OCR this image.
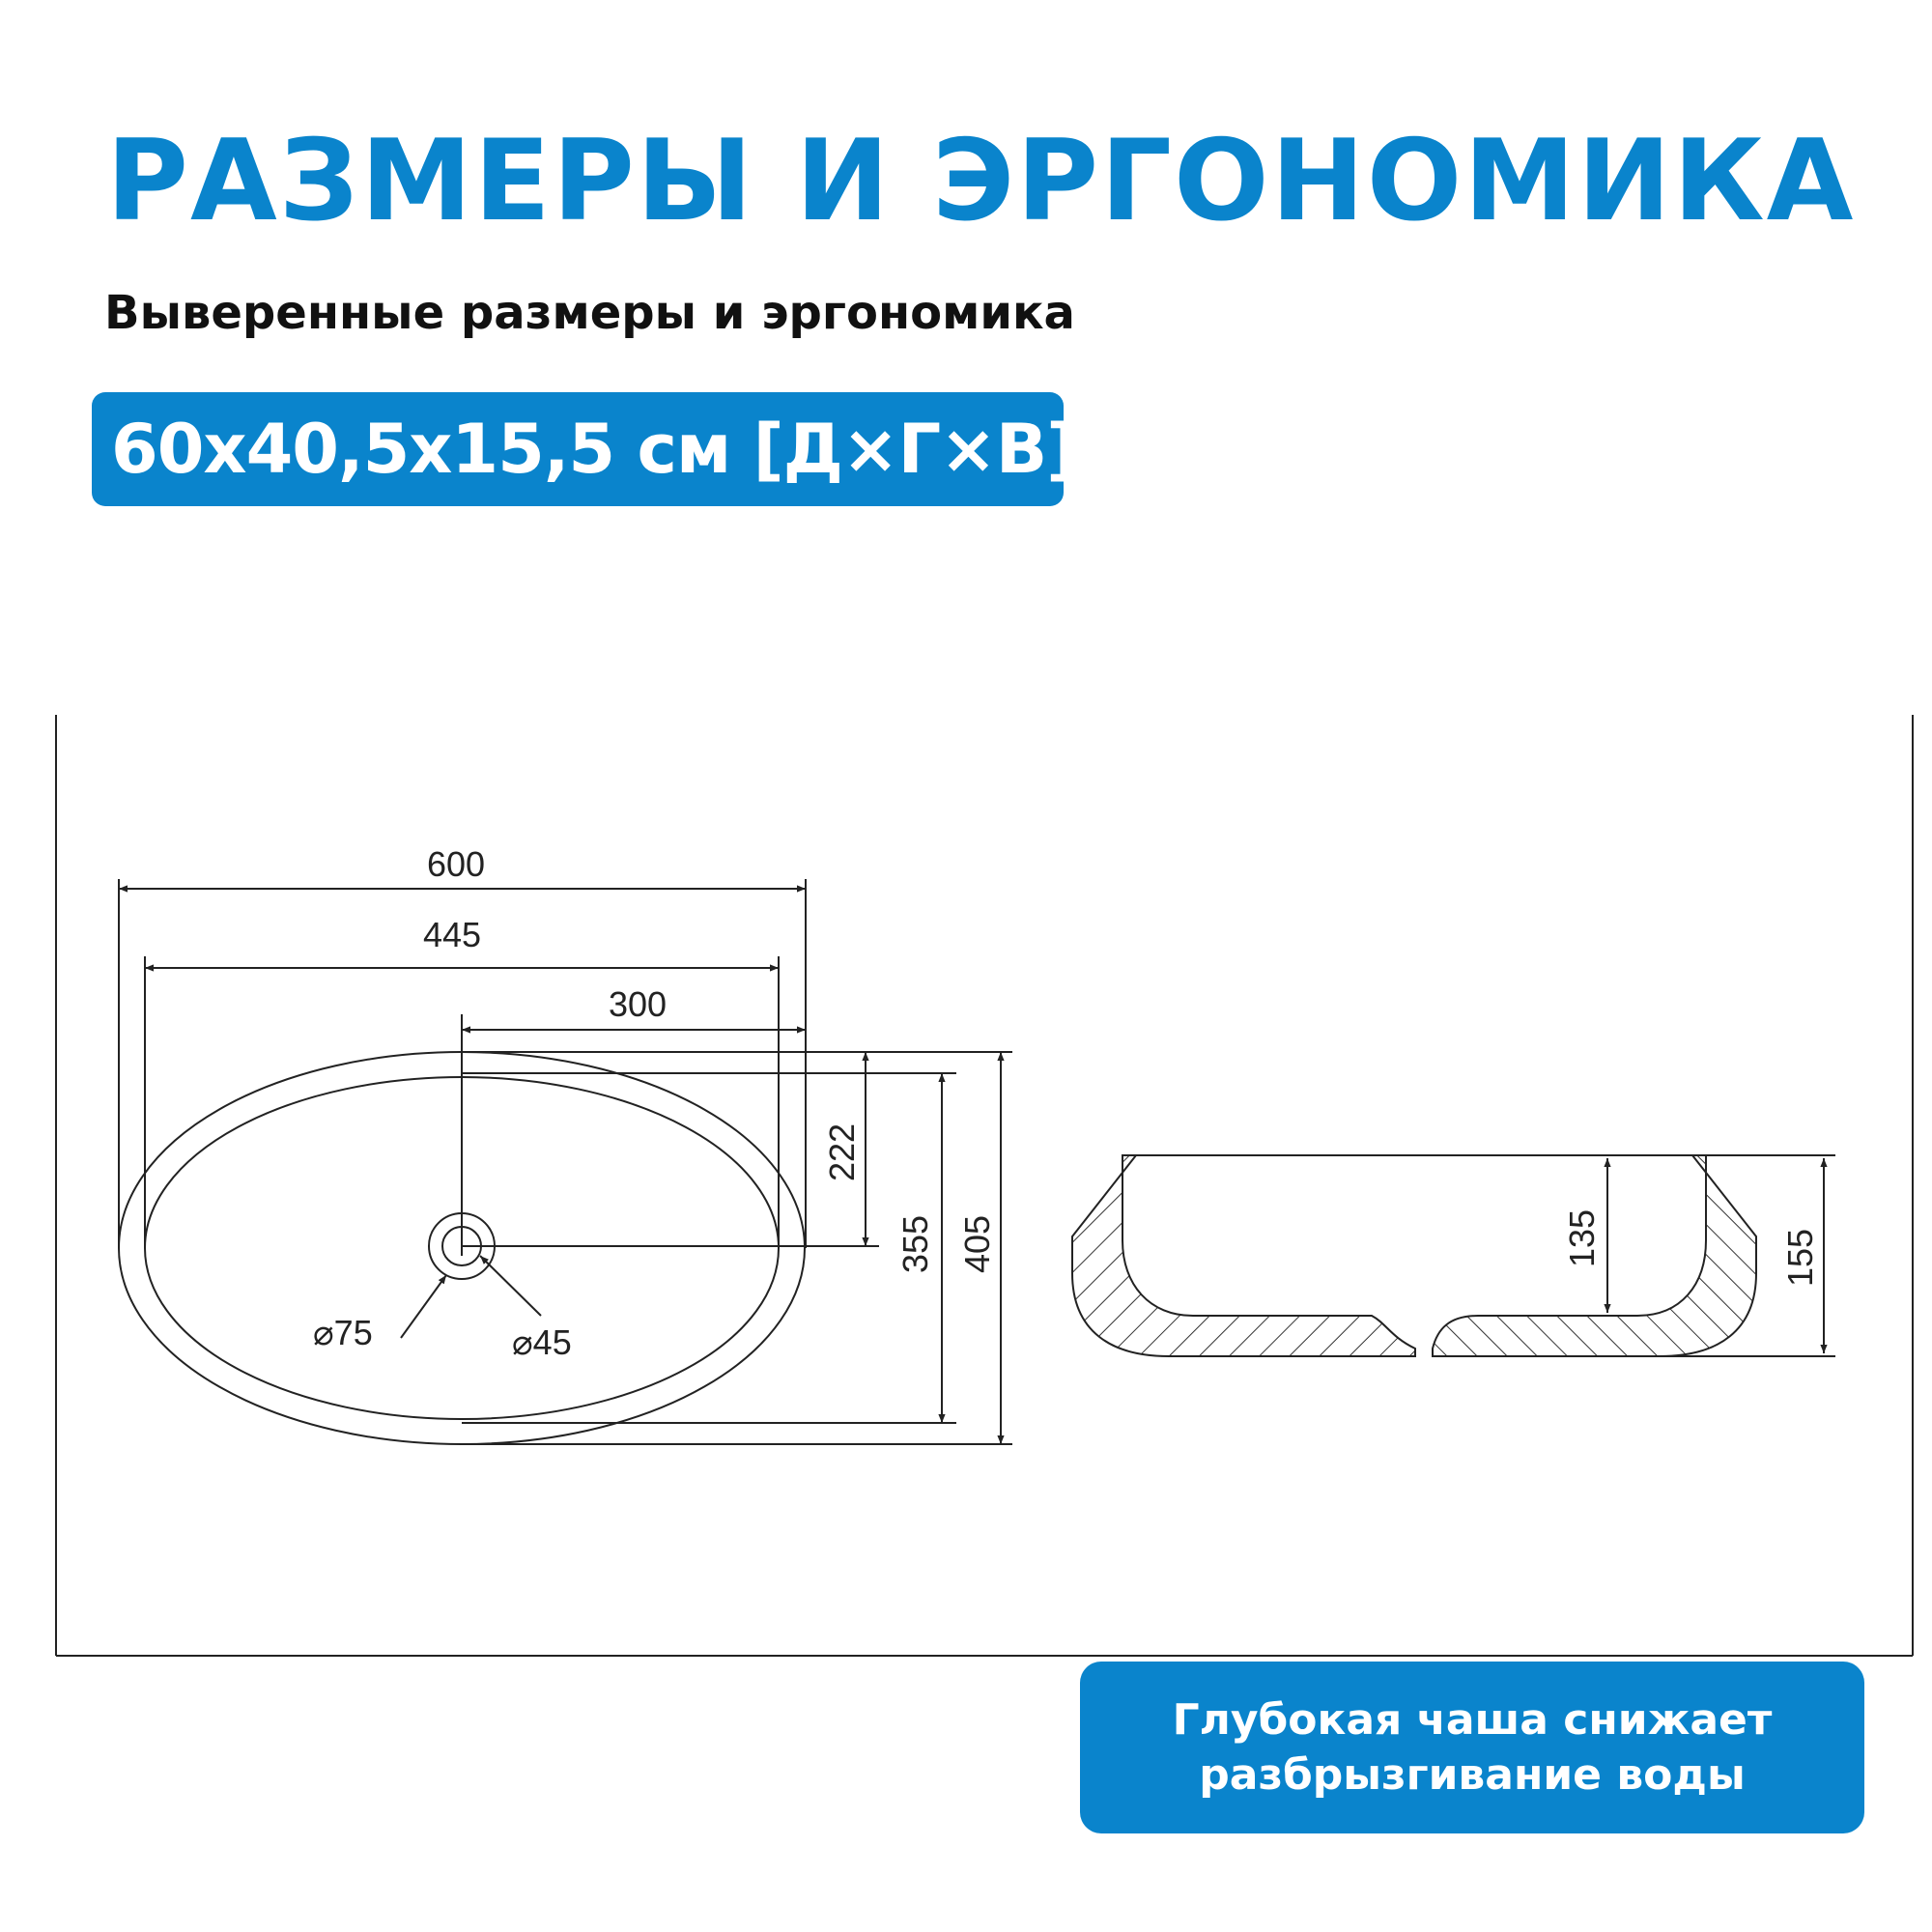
РАЗМЕРЫ И ЭРГОНОМИКА

Выверенные размеры и эргономика

60x40,5x15,5 см [Д×Г×В]
600
445
300
222
355 405
⌀75	⌀45
135	155
Глубокая чаша снижает
разбрызгивание воды
